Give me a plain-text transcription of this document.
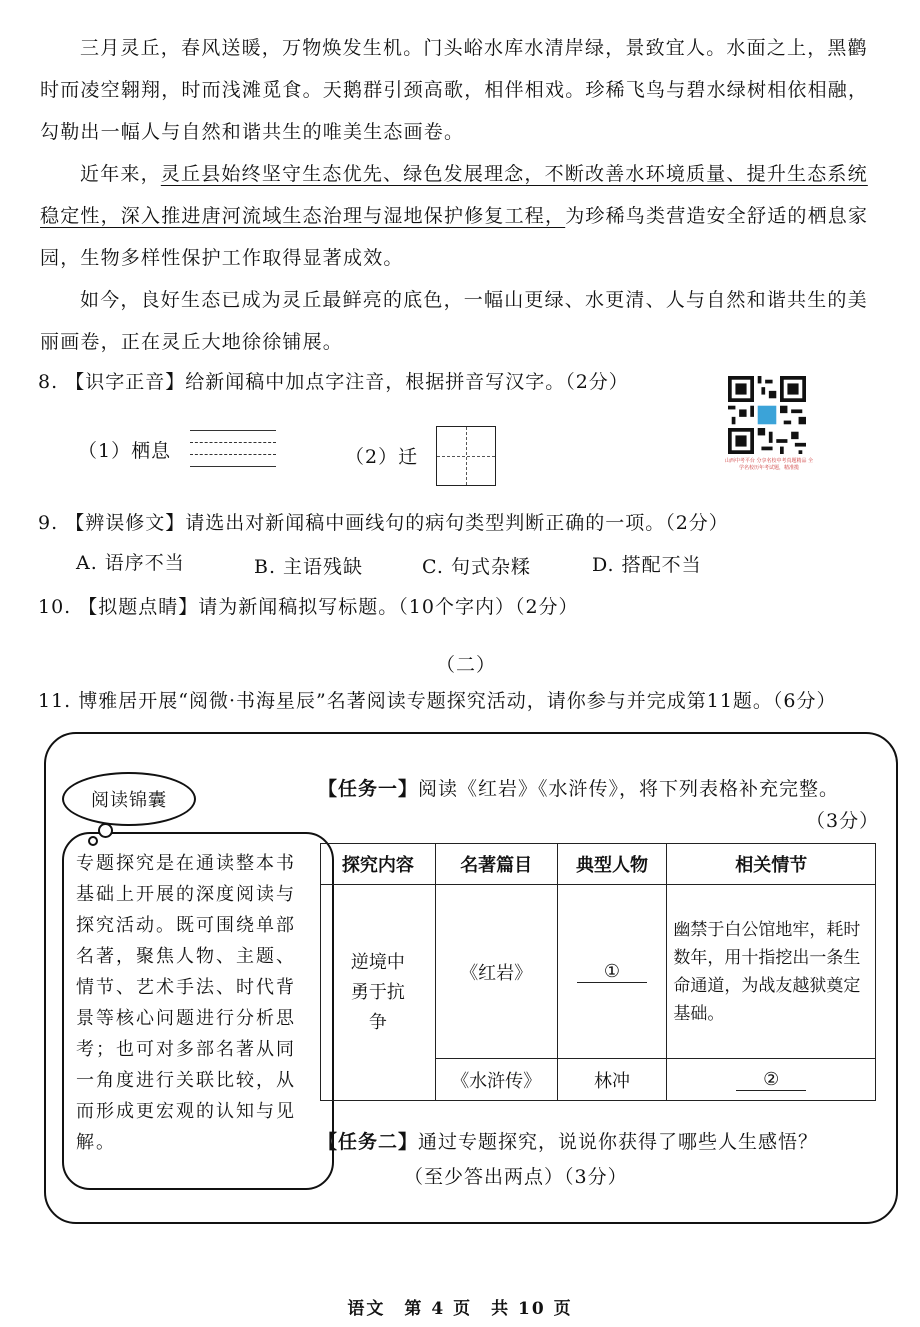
三月灵丘，春风送暖，万物焕发生机。门头峪水库水清岸绿，景致宜人。水面之上，黑鹳时而凌空翱翔，时而浅滩觅食。天鹅群引颈高歌，相伴相戏。珍稀飞鸟与碧水绿树相依相融，勾勒出一幅人与自然和谐共生的唯美生态画卷。

近年来，灵丘县始终坚守生态优先、绿色发展理念，不断改善水环境质量、提升生态系统稳定性，深入推进唐河流域生态治理与湿地保护修复工程，为珍稀鸟类营造安全舒适的栖息家园，生物多样性保护工作取得显著成效。

如今，良好生态已成为灵丘最鲜亮的底色，一幅山更绿、水更清、人与自然和谐共生的美丽画卷，正在灵丘大地徐徐铺展。

8. 【识字正音】给新闻稿中加点字注音，根据拼音写汉字。（2分）
（1）栖息	（2）迁	山西中考平台 分享名校中考真题精品 全学名校历年考试题，精准揽
9. 【辨误修文】请选出对新闻稿中画线句的病句类型判断正确的一项。（2分）
A. 语序不当	B. 主语残缺	C. 句式杂糅	D. 搭配不当
10. 【拟题点睛】请为新闻稿拟写标题。（10个字内）（2分）
（二）
11. 博雅居开展“阅微·书海星辰”名著阅读专题探究活动，请你参与并完成第11题。（6分）
阅读锦囊

专题探究是在通读整本书基础上开展的深度阅读与探究活动。既可围绕单部名著，聚焦人物、主题、情节、艺术手法、时代背景等核心问题进行分析思考；也可对多部名著从同一角度进行关联比较，从而形成更宏观的认知与见解。

【任务一】阅读《红岩》《水浒传》，将下列表格补充完整。
（3分）
探究内容	名著篇目	典型人物	相关情节
逆境中勇于抗争	《红岩》	①	幽禁于白公馆地牢，耗时数年，用十指挖出一条生命通道，为战友越狱奠定基础。
	《水浒传》	林冲	②
【任务二】通过专题探究，说说你获得了哪些人生感悟？
（至少答出两点）（3分）
语文　第 4 页　共 10 页
